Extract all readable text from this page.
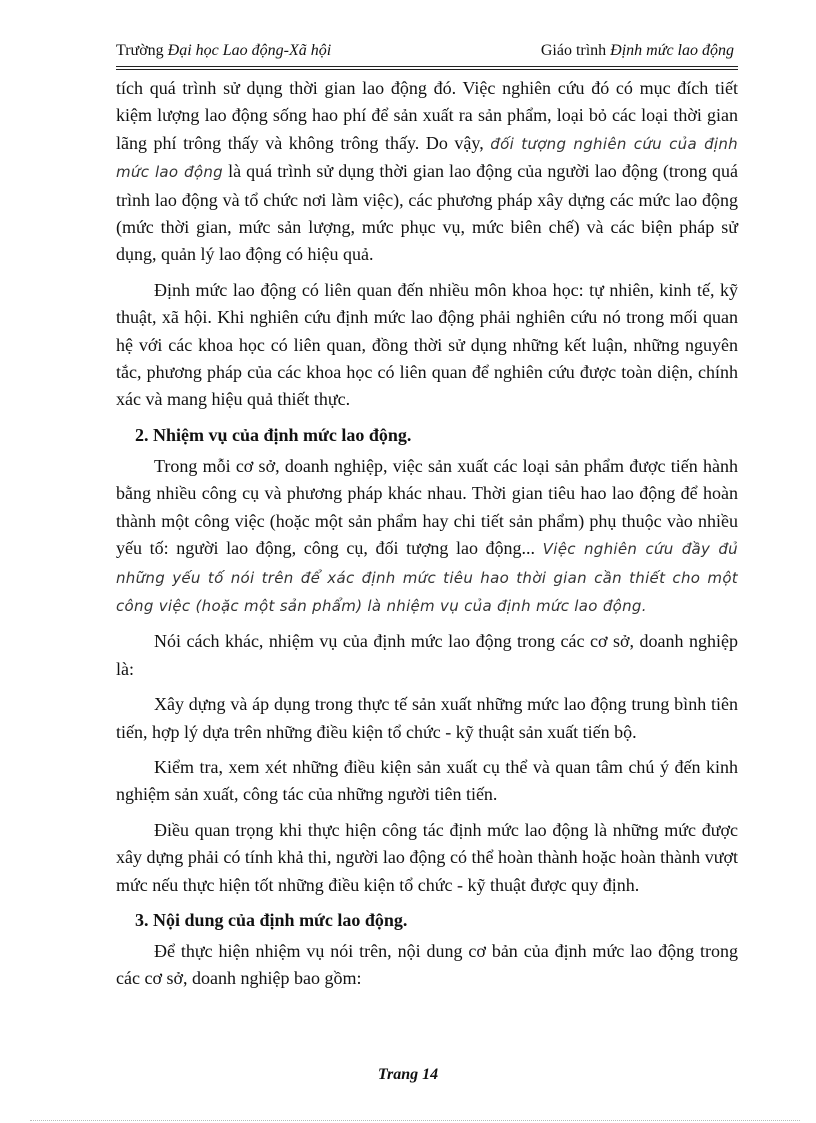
Trường Đại học Lao động-Xã hội	Giáo trình Định mức lao động

tích quá trình sử dụng thời gian lao động đó. Việc nghiên cứu đó có mục đích tiết kiệm lượng lao động sống hao phí để sản xuất ra sản phẩm, loại bỏ các loại thời gian lãng phí trông thấy và không trông thấy. Do vậy, đối tượng nghiên cứu của định mức lao động là quá trình sử dụng thời gian lao động của người lao động (trong quá trình lao động và tổ chức nơi làm việc), các phương pháp xây dựng các mức lao động (mức thời gian, mức sản lượng, mức phục vụ, mức biên chế) và các biện pháp sử dụng, quản lý lao động có hiệu quả.

Định mức lao động có liên quan đến nhiều môn khoa học: tự nhiên, kinh tế, kỹ thuật, xã hội. Khi nghiên cứu định mức lao động phải nghiên cứu nó trong mối quan hệ với các khoa học có liên quan, đồng thời sử dụng những kết luận, những nguyên tắc, phương pháp của các khoa học có liên quan để nghiên cứu được toàn diện, chính xác và mang hiệu quả thiết thực.

2. Nhiệm vụ của định mức lao động.

Trong mỗi cơ sở, doanh nghiệp, việc sản xuất các loại sản phẩm được tiến hành bằng nhiều công cụ và phương pháp khác nhau. Thời gian tiêu hao lao động để hoàn thành một công việc (hoặc một sản phẩm hay chi tiết sản phẩm) phụ thuộc vào nhiều yếu tố: người lao động, công cụ, đối tượng lao động... Việc nghiên cứu đầy đủ những yếu tố nói trên để xác định mức tiêu hao thời gian cần thiết cho một công việc (hoặc một sản phẩm) là nhiệm vụ của định mức lao động.

Nói cách khác, nhiệm vụ của định mức lao động trong các cơ sở, doanh nghiệp là:

Xây dựng và áp dụng trong thực tế sản xuất những mức lao động trung bình tiên tiến, hợp lý dựa trên những điều kiện tổ chức - kỹ thuật sản xuất tiến bộ.

Kiểm tra, xem xét những điều kiện sản xuất cụ thể và quan tâm chú ý đến kinh nghiệm sản xuất, công tác của những người tiên tiến.

Điều quan trọng khi thực hiện công tác định mức lao động là những mức được xây dựng phải có tính khả thi, người lao động có thể hoàn thành hoặc hoàn thành vượt mức nếu thực hiện tốt những điều kiện tổ chức - kỹ thuật được quy định.

3. Nội dung của định mức lao động.

Để thực hiện nhiệm vụ nói trên, nội dung cơ bản của định mức lao động trong các cơ sở, doanh nghiệp bao gồm:

Trang 14
